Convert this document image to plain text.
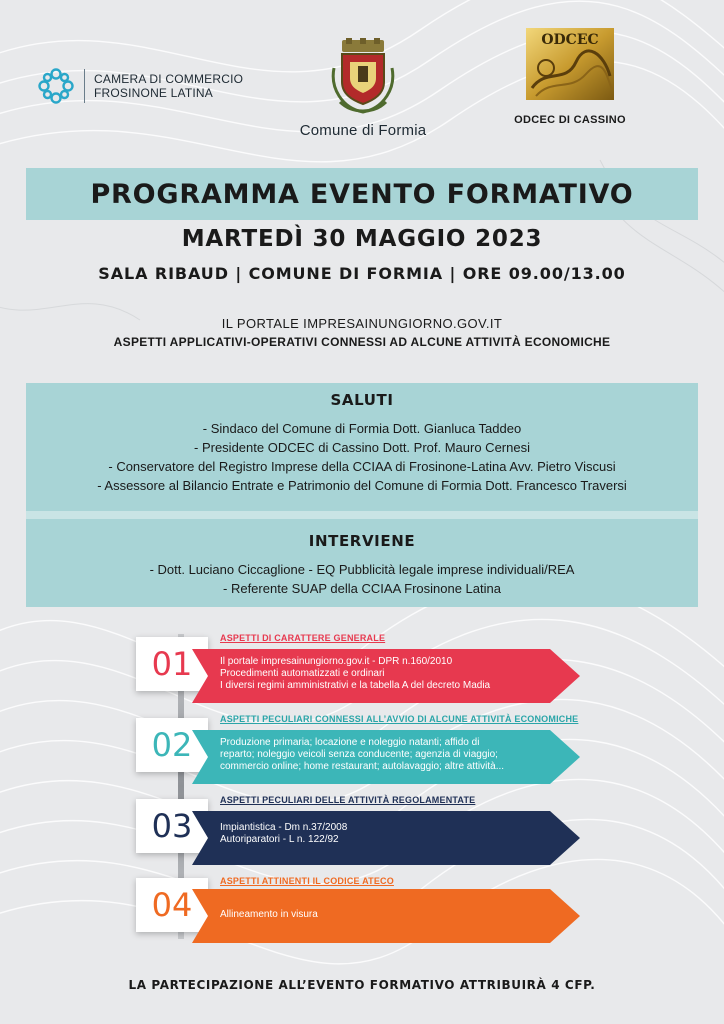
CAMERA DI COMMERCIO
FROSINONE LATINA
Comune di Formia
ODCEC
ODCEC DI CASSINO
PROGRAMMA EVENTO FORMATIVO
MARTEDÌ 30 MAGGIO 2023
SALA RIBAUD | COMUNE DI FORMIA | ORE 09.00/13.00
IL PORTALE IMPRESAINUNGIORNO.GOV.IT
ASPETTI APPLICATIVI-OPERATIVI CONNESSI AD ALCUNE ATTIVITÀ ECONOMICHE
SALUTI
- Sindaco del Comune di Formia Dott. Gianluca Taddeo
- Presidente ODCEC di Cassino Dott. Prof. Mauro Cernesi
- Conservatore del Registro Imprese della CCIAA di Frosinone-Latina Avv. Pietro Viscusi
- Assessore al Bilancio Entrate e Patrimonio del Comune di Formia Dott. Francesco Traversi
INTERVIENE
- Dott. Luciano Ciccaglione - EQ Pubblicità legale imprese individuali/REA
- Referente SUAP della CCIAA Frosinone Latina
01
ASPETTI DI CARATTERE GENERALE
Il portale impresainungiorno.gov.it - DPR n.160/2010
Procedimenti automatizzati e ordinari
I diversi regimi amministrativi e la tabella A del decreto Madia
02
ASPETTI PECULIARI CONNESSI ALL’AVVIO DI ALCUNE ATTIVITÀ ECONOMICHE
Produzione primaria; locazione e noleggio natanti; affido di
reparto; noleggio veicoli senza conducente; agenzia di viaggio;
commercio online; home restaurant; autolavaggio; altre attività...
03
ASPETTI PECULIARI DELLE ATTIVITÀ REGOLAMENTATE
Impiantistica - Dm n.37/2008
Autoriparatori - L n. 122/92
04
ASPETTI ATTINENTI IL CODICE ATECO
Allineamento in visura
LA PARTECIPAZIONE ALL’EVENTO FORMATIVO ATTRIBUIRÀ 4 CFP.
